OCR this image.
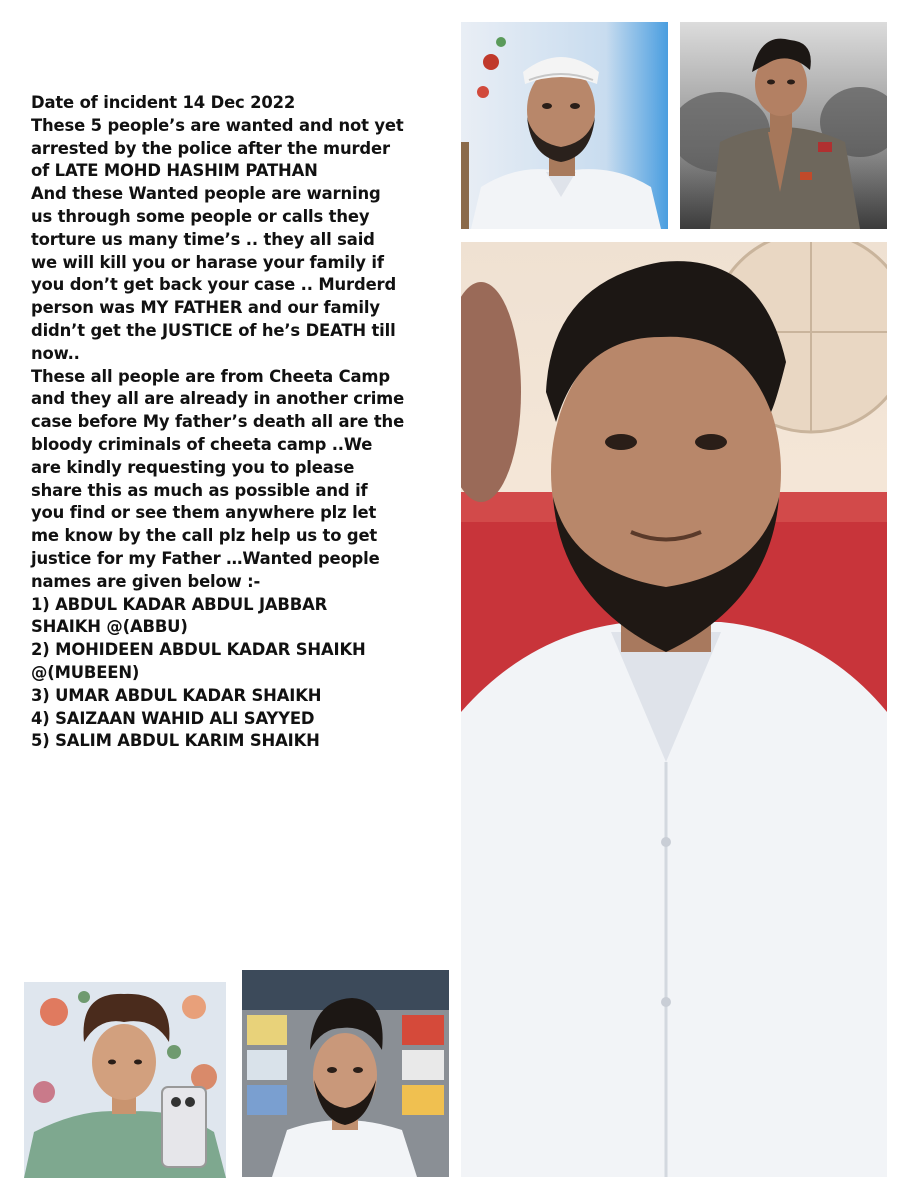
Date of incident 14 Dec 2022
These 5 people’s are wanted and not yet
arrested by the police after the murder
of LATE MOHD HASHIM PATHAN
And these Wanted people are warning
us through some people or calls they
torture us many time’s .. they all said
we will kill you or harase your family if
you don’t get back your case .. Murderd
person was MY FATHER and our family
didn’t get the JUSTICE of he’s DEATH till
now..
These all people are from Cheeta Camp
and they all are already in another crime
case before My father’s death all are the
bloody criminals of cheeta camp ..We
are kindly requesting you to please
share this as much as possible and if
you find or see them anywhere plz let
me know by the call plz help us to get
justice for my Father …Wanted people
names are given below :-
1) ABDUL KADAR ABDUL JABBAR
SHAIKH @(ABBU)
2) MOHIDEEN ABDUL KADAR SHAIKH
@(MUBEEN)
3) UMAR ABDUL KADAR SHAIKH
4) SAIZAAN WAHID ALI SAYYED
5) SALIM ABDUL KARIM SHAIKH
